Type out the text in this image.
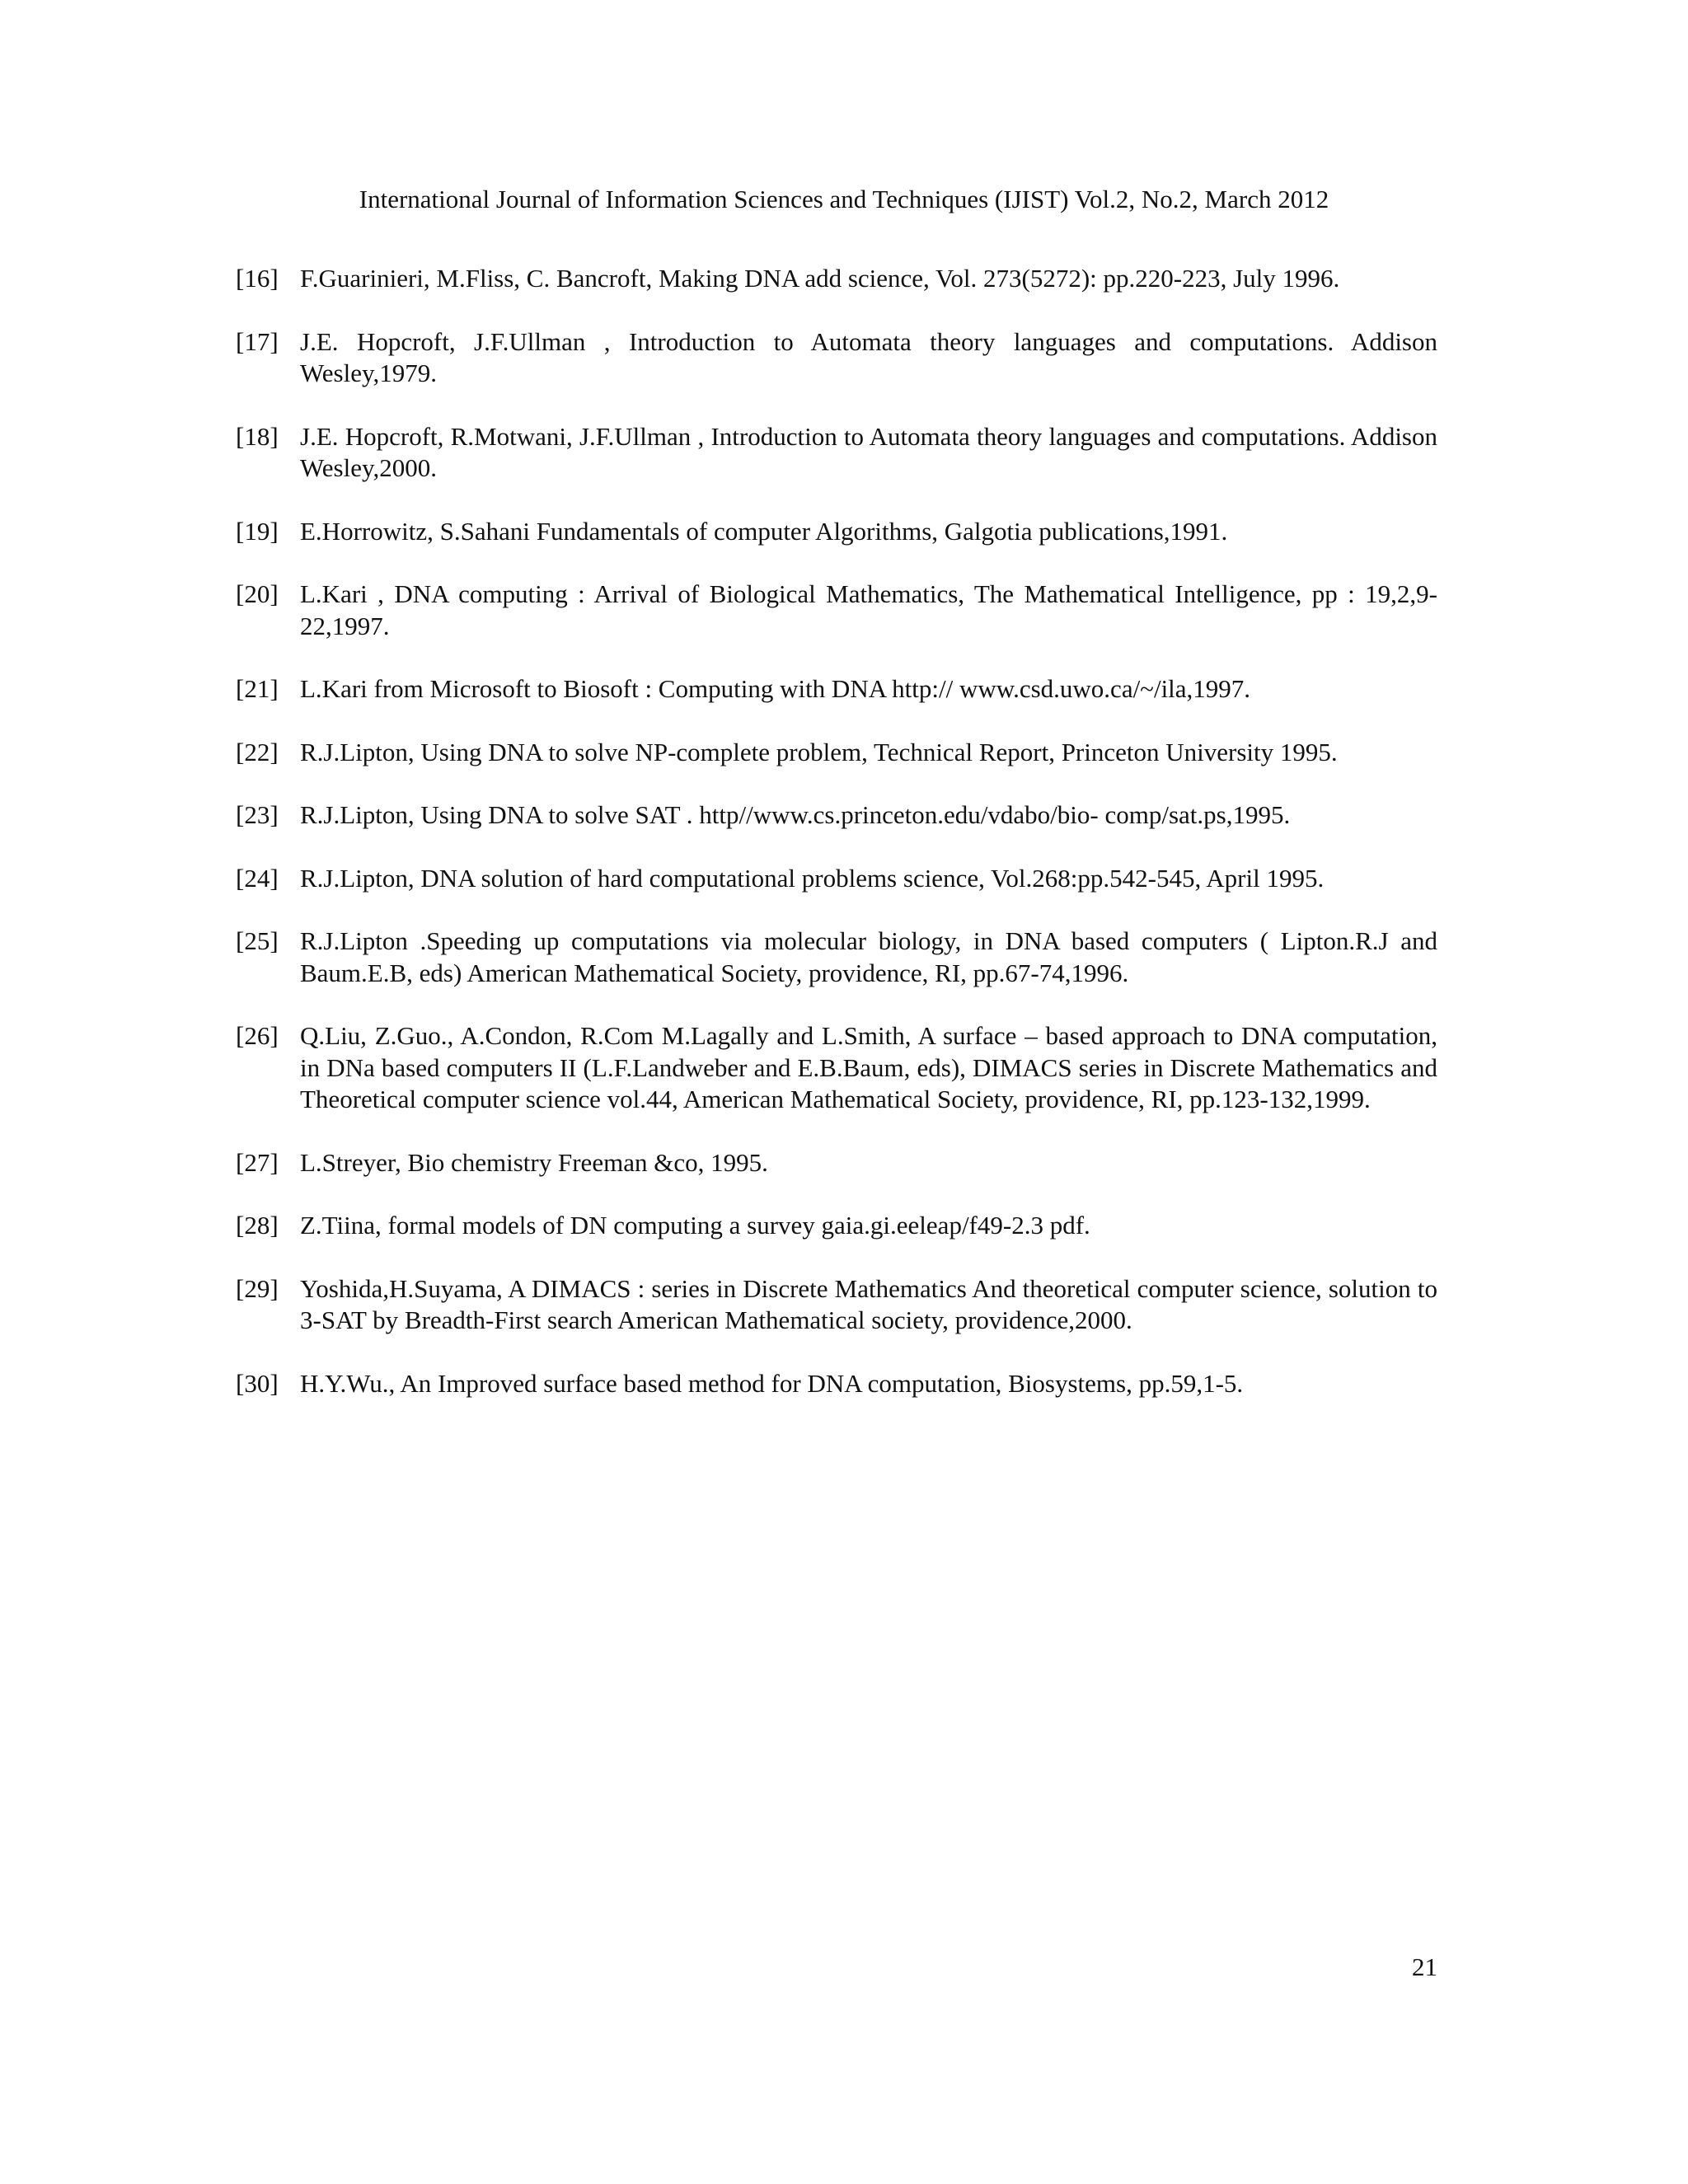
International Journal of Information Sciences and Techniques (IJIST) Vol.2, No.2, March 2012
[16] F.Guarinieri, M.Fliss, C. Bancroft, Making DNA add science, Vol. 273(5272): pp.220-223, July 1996.
[17] J.E. Hopcroft, J.F.Ullman , Introduction to Automata theory languages and computations. Addison Wesley,1979.
[18] J.E. Hopcroft, R.Motwani, J.F.Ullman , Introduction to Automata theory languages and computations. Addison Wesley,2000.
[19] E.Horrowitz, S.Sahani Fundamentals of computer Algorithms, Galgotia publications,1991.
[20] L.Kari , DNA computing : Arrival of Biological Mathematics, The Mathematical Intelligence, pp : 19,2,9-22,1997.
[21] L.Kari from Microsoft to Biosoft : Computing with DNA http:// www.csd.uwo.ca/~/ila,1997.
[22] R.J.Lipton, Using DNA to solve NP-complete problem, Technical Report, Princeton University 1995.
[23] R.J.Lipton, Using DNA to solve SAT . http//www.cs.princeton.edu/vdabo/bio- comp/sat.ps,1995.
[24] R.J.Lipton, DNA solution of hard computational problems science, Vol.268:pp.542-545, April 1995.
[25] R.J.Lipton .Speeding up computations via molecular biology, in DNA based computers ( Lipton.R.J and Baum.E.B, eds) American Mathematical Society, providence, RI, pp.67-74,1996.
[26] Q.Liu, Z.Guo., A.Condon, R.Com M.Lagally and L.Smith, A surface – based approach to DNA computation, in DNa based computers II (L.F.Landweber and E.B.Baum, eds), DIMACS series in Discrete Mathematics and Theoretical computer science vol.44, American Mathematical Society, providence, RI, pp.123-132,1999.
[27] L.Streyer, Bio chemistry Freeman &co, 1995.
[28] Z.Tiina, formal models of DN computing a survey gaia.gi.eeleap/f49-2.3 pdf.
[29] Yoshida,H.Suyama, A DIMACS : series in Discrete Mathematics And theoretical computer science, solution to 3-SAT by Breadth-First search American Mathematical society, providence,2000.
[30] H.Y.Wu., An Improved surface based method for DNA computation, Biosystems, pp.59,1-5.
21
